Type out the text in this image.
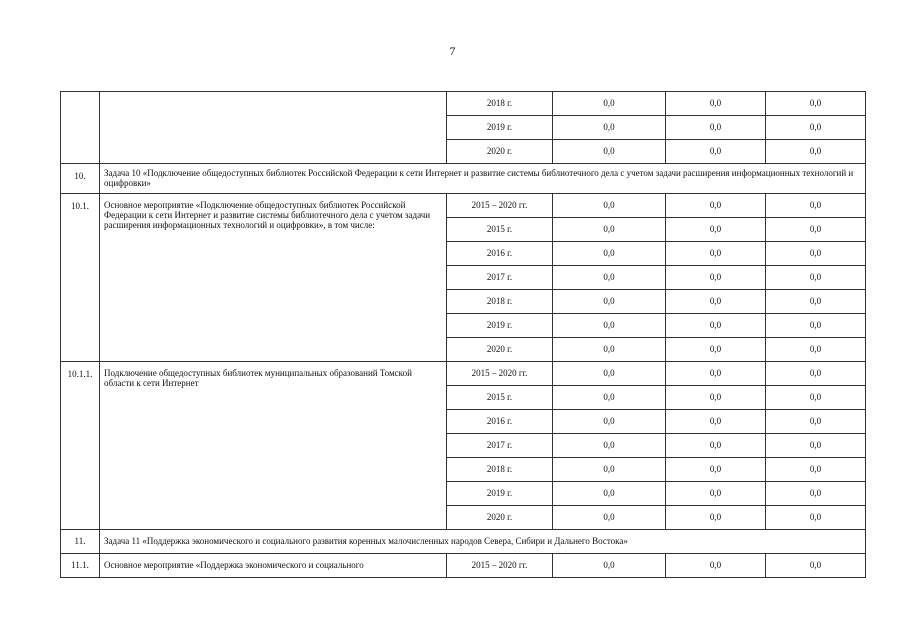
7
		2018 г.	0,0	0,0	0,0
		2019 г.	0,0	0,0	0,0
		2020 г.	0,0	0,0	0,0
10.	Задача 10 «Подключение общедоступных библиотек Российской Федерации к сети Интернет и развитие системы библиотечного дела с учетом задачи расширения информационных технологий и оцифровки»				
10.1.	Основное мероприятие «Подключение общедоступных библиотек Российской Федерации к сети Интернет и развитие системы библиотечного дела с учетом задачи расширения информационных технологий и оцифровки», в том числе:	2015 – 2020 гг.	0,0	0,0	0,0
		2015 г.	0,0	0,0	0,0
		2016 г.	0,0	0,0	0,0
		2017 г.	0,0	0,0	0,0
		2018 г.	0,0	0,0	0,0
		2019 г.	0,0	0,0	0,0
		2020 г.	0,0	0,0	0,0
10.1.1.	Подключение общедоступных библиотек муниципальных образований Томской области к сети Интернет	2015 – 2020 гг.	0,0	0,0	0,0
		2015 г.	0,0	0,0	0,0
		2016 г.	0,0	0,0	0,0
		2017 г.	0,0	0,0	0,0
		2018 г.	0,0	0,0	0,0
		2019 г.	0,0	0,0	0,0
		2020 г.	0,0	0,0	0,0
11.	Задача 11 «Поддержка экономического и социального развития коренных малочисленных народов Севера, Сибири и Дальнего Востока»				
11.1.	Основное мероприятие «Поддержка экономического и социального	2015 – 2020 гг.	0,0	0,0	0,0
